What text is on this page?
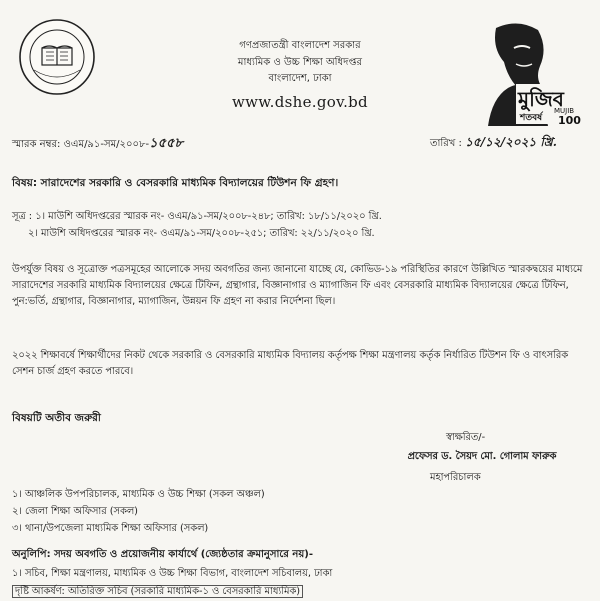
গণপ্রজাতন্ত্রী বাংলাদেশ সরকার
মাধ্যমিক ও উচ্চ শিক্ষা অধিদপ্তর
বাংলাদেশ, ঢাকা
www.dshe.gov.bd	মুজিব
শতবর্ষ
MUJIB
100
স্মারক নম্বর: ওএম/৯১-সম/২০০৮-১৫৫৮	তারিখ : ১৫/১২/২০২১ খ্রি.
বিষয়: সারাদেশের সরকারি ও বেসরকারি মাধ্যমিক বিদ্যালয়ের টিউশন ফি গ্রহণ।
সূত্র : ১। মাউশি অধিদপ্তরের স্মারক নং- ওএম/৯১-সম/২০০৮-২৪৮; তারিখ: ১৮/১১/২০২০ খ্রি.
২। মাউশি অধিদপ্তরের স্মারক নং- ওএম/৯১-সম/২০০৮-২৫১; তারিখ: ২২/১১/২০২০ খ্রি.
উপর্যুক্ত বিষয় ও সূত্রোক্ত পত্রসমূহের আলোকে সদয় অবগতির জন্য জানানো যাচ্ছে যে, কোভিড-১৯ পরিস্থিতির কারণে উল্লিখিত স্মারকদ্বয়ের মাধ্যমে সারাদেশের সরকারি মাধ্যমিক বিদ্যালয়ের ক্ষেত্রে টিফিন, গ্রন্থাগার, বিজ্ঞানাগার ও ম্যাগাজিন ফি এবং বেসরকারি মাধ্যমিক বিদ্যালয়ের ক্ষেত্রে টিফিন, পুন:ভর্তি, গ্রন্থাগার, বিজ্ঞানাগার, ম্যাগাজিন, উন্নয়ন ফি গ্রহণ না করার নির্দেশনা ছিল।
২০২২ শিক্ষাবর্ষে শিক্ষার্থীদের নিকট থেকে সরকারি ও বেসরকারি মাধ্যমিক বিদ্যালয় কর্তৃপক্ষ শিক্ষা মন্ত্রণালয় কর্তৃক নির্ধারিত টিউশন ফি ও বাৎসরিক সেশন চার্জ গ্রহণ করতে পারবে।
বিষয়টি অতীব জরুরী
স্বাক্ষরিত/-
প্রফেসর ড. সৈয়দ মো. গোলাম ফারুক
মহাপরিচালক
১। আঞ্চলিক উপপরিচালক, মাধ্যমিক ও উচ্চ শিক্ষা (সকল অঞ্চল)
২। জেলা শিক্ষা অফিসার (সকল)
৩। থানা/উপজেলা মাধ্যমিক শিক্ষা অফিসার (সকল)
অনুলিপি: সদয় অবগতি ও প্রয়োজনীয় কার্যার্থে (জ্যেষ্ঠতার ক্রমানুসারে নয়)-
১। সচিব, শিক্ষা মন্ত্রণালয়, মাধ্যমিক ও উচ্চ শিক্ষা বিভাগ, বাংলাদেশ সচিবালয়, ঢাকা
দৃষ্টি আকর্ষণ: অতিরিক্ত সচিব (সরকারি মাধ্যমিক-১ ও বেসরকারি মাধ্যমিক)
